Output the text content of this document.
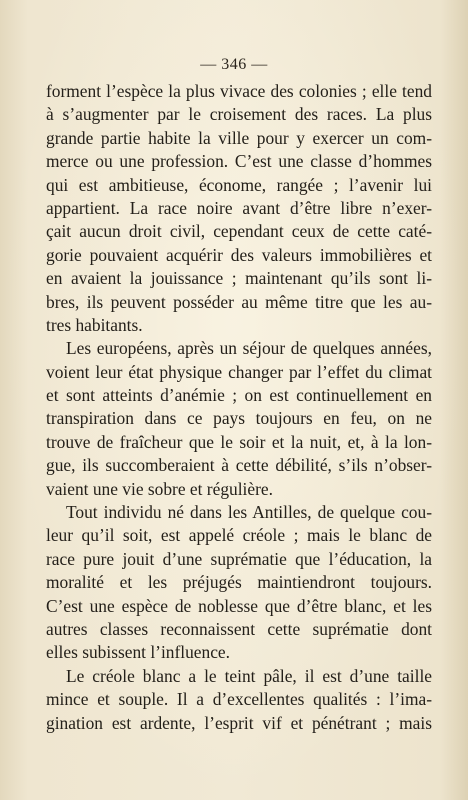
— 346 —
forment l’espèce la plus vivace des colonies ; elle tend
à s’augmenter par le croisement des races. La plus
grande partie habite la ville pour y exercer un com-
merce ou une profession. C’est une classe d’hommes
qui est ambitieuse, économe, rangée ; l’avenir lui
appartient. La race noire avant d’être libre n’exer-
çait aucun droit civil, cependant ceux de cette caté-
gorie pouvaient acquérir des valeurs immobilières et
en avaient la jouissance ; maintenant qu’ils sont li-
bres, ils peuvent posséder au même titre que les au-
tres habitants.
Les européens, après un séjour de quelques années,
voient leur état physique changer par l’effet du climat
et sont atteints d’anémie ; on est continuellement en
transpiration dans ce pays toujours en feu, on ne
trouve de fraîcheur que le soir et la nuit, et, à la lon-
gue, ils succomberaient à cette débilité, s’ils n’obser-
vaient une vie sobre et régulière.
Tout individu né dans les Antilles, de quelque cou-
leur qu’il soit, est appelé créole ; mais le blanc de
race pure jouit d’une suprématie que l’éducation, la
moralité et les préjugés maintiendront toujours.
C’est une espèce de noblesse que d’être blanc, et les
autres classes reconnaissent cette suprématie dont
elles subissent l’influence.
Le créole blanc a le teint pâle, il est d’une taille
mince et souple. Il a d’excellentes qualités : l’ima-
gination est ardente, l’esprit vif et pénétrant ; mais
